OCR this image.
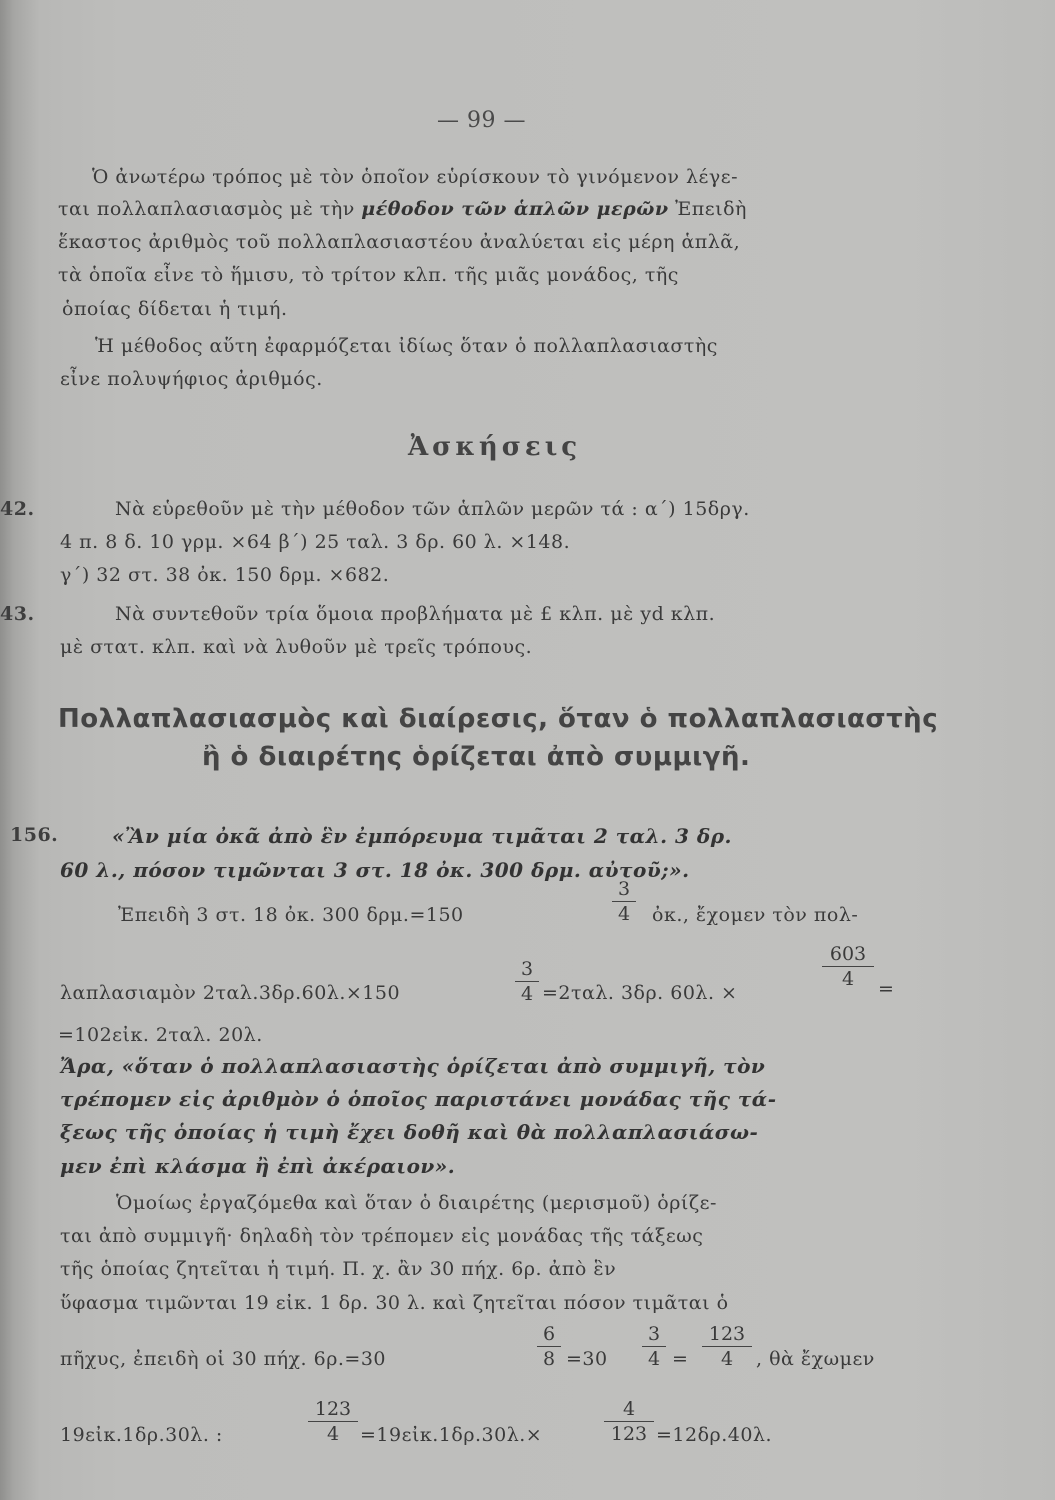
— 99 —
Ὁ ἀνωτέρω τρόπος μὲ τὸν ὁποῖον εὑρίσκουν τὸ γινόμενον λέγε-
ται πολλαπλασιασμὸς μὲ τὴν μέθοδον τῶν ἁπλῶν μερῶν Ἐπειδὴ
ἕκαστος ἀριθμὸς τοῦ πολλαπλασιαστέου ἀναλύεται εἰς μέρη ἁπλᾶ,
τὰ ὁποῖα εἶνε τὸ ἥμισυ, τὸ τρίτον κλπ. τῆς μιᾶς μονάδος, τῆς
ὁποίας δίδεται ἡ τιμή.
Ἡ μέθοδος αὕτη ἐφαρμόζεται ἰδίως ὅταν ὁ πολλαπλασιαστὴς
εἶνε πολυψήφιος ἀριθμός.
Ἀσκήσεις
42.	Νὰ εὑρεθοῦν μὲ τὴν μέθοδον τῶν ἁπλῶν μερῶν τά : α΄) 15δργ.
4 π. 8 δ. 10 γρμ. ×64 β΄) 25 ταλ. 3 δρ. 60 λ. ×148.
γ΄) 32 στ. 38 ὀκ. 150 δρμ. ×682.
43.	Νὰ συντεθοῦν τρία ὅμοια προβλήματα μὲ £ κλπ. μὲ yd κλπ.
μὲ στατ. κλπ. καὶ νὰ λυθοῦν μὲ τρεῖς τρόπους.
Πολλαπλασιασμὸς καὶ διαίρεσις, ὅταν ὁ πολλαπλασιαστὴς
ἢ ὁ διαιρέτης ὁρίζεται ἀπὸ συμμιγῆ.
156.	«Ἂν μία ὀκᾶ ἀπὸ ἓν ἐμπόρευμα τιμᾶται 2 ταλ. 3 δρ.
60 λ., πόσον τιμῶνται 3 στ. 18 ὀκ. 300 δρμ. αὐτοῦ;».
Ἐπειδὴ 3 στ. 18 ὀκ. 300 δρμ.=150
3
4	ὀκ., ἔχομεν τὸν πολ-
λαπλασιαμὸν 2ταλ.3δρ.60λ.×150
3
4 =2ταλ. 3δρ. 60λ. ×
603
4	=
=102εἰκ. 2ταλ. 20λ.
Ἄρα, «ὅταν ὁ πολλαπλασιαστὴς ὁρίζεται ἀπὸ συμμιγῆ, τὸν
τρέπομεν εἰς ἀριθμὸν ὁ ὁποῖος παριστάνει μονάδας τῆς τά-
ξεως τῆς ὁποίας ἡ τιμὴ ἔχει δοθῆ καὶ θὰ πολλαπλασιάσω-
μεν ἐπὶ κλάσμα ἢ ἐπὶ ἀκέραιον».
Ὁμοίως ἐργαζόμεθα καὶ ὅταν ὁ διαιρέτης (μερισμοῦ) ὁρίζε-
ται ἀπὸ συμμιγῆ· δηλαδὴ τὸν τρέπομεν εἰς μονάδας τῆς τάξεως
τῆς ὁποίας ζητεῖται ἡ τιμή. Π. χ. ἂν 30 πήχ. 6ρ. ἀπὸ ἓν
ὕφασμα τιμῶνται 19 εἰκ. 1 δρ. 30 λ. καὶ ζητεῖται πόσον τιμᾶται ὁ
πῆχυς, ἐπειδὴ οἱ 30 πήχ. 6ρ.=30
6
8 =30
3
4 =
123
4	, θὰ ἔχωμεν
19εἰκ.1δρ.30λ. :
123
4	=19εἰκ.1δρ.30λ.×
4
123 =12δρ.40λ.
